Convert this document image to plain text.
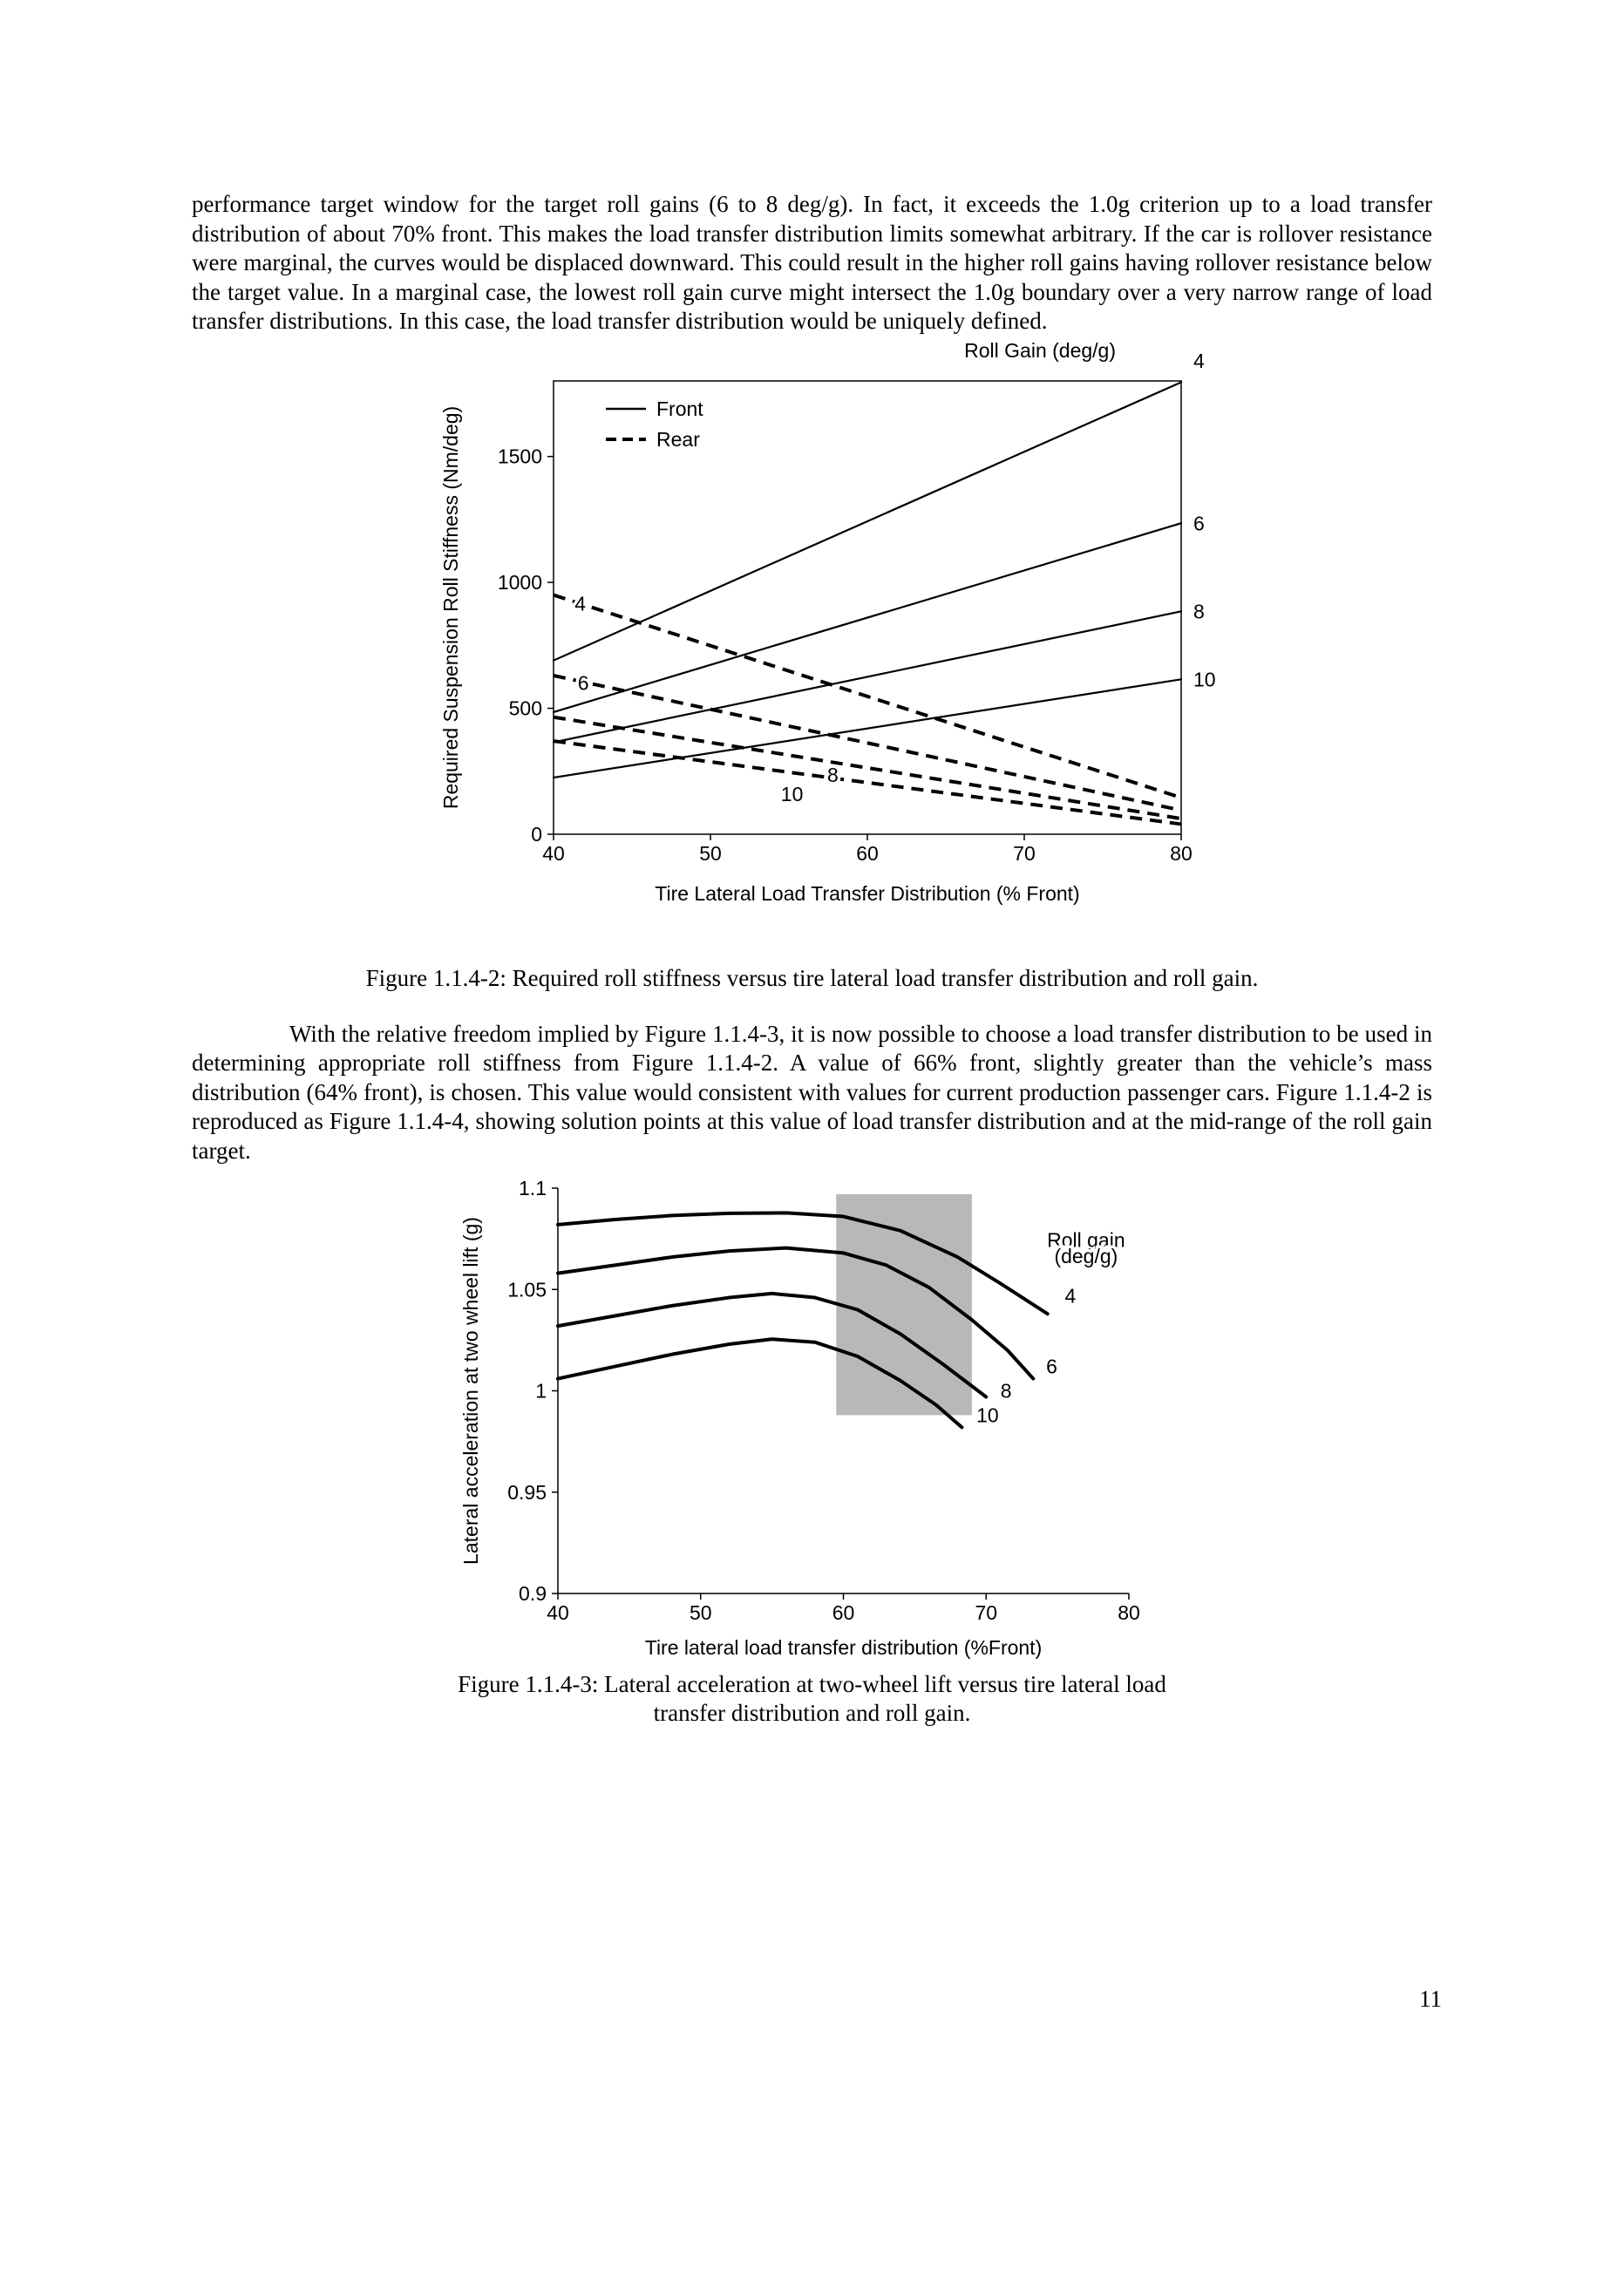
performance target window for the target roll gains (6 to 8 deg/g). In fact, it exceeds the 1.0g criterion up to a load transfer distribution of about 70% front. This makes the load transfer distribution limits somewhat arbitrary. If the car is rollover resistance were marginal, the curves would be displaced downward. This could result in the higher roll gains having rollover resistance below the target value. In a marginal case, the lowest roll gain curve might intersect the 1.0g boundary over a very narrow range of load transfer distributions. In this case, the load transfer distribution would be uniquely defined.

0
500
1000
1500
40	50	60	70	80
4
6
8
10
4
6
8
10
Front
Rear
Roll Gain (deg/g)
Tire Lateral Load Transfer Distribution (% Front)
Required Suspension Roll Stiffness (Nm/deg)

Figure 1.1.4-2: Required roll stiffness versus tire lateral load transfer distribution and roll gain.

With the relative freedom implied by Figure 1.1.4-3, it is now possible to choose a load transfer distribution to be used in determining appropriate roll stiffness from Figure 1.1.4-2. A value of 66% front, slightly greater than the vehicle’s mass distribution (64% front), is chosen. This value would consistent with values for current production passenger cars. Figure 1.1.4-2 is reproduced as Figure 1.1.4-4, showing solution points at this value of load transfer distribution and at the mid-range of the roll gain target.

0.9
0.95
1
1.05
1.1
40	50	60	70	80
Roll gain
(deg/g)
4
6
8
10
Tire lateral load transfer distribution (%Front)
Lateral acceleration at two wheel lift (g)

Figure 1.1.4-3: Lateral acceleration at two-wheel lift versus tire lateral load
transfer distribution and roll gain.

11
